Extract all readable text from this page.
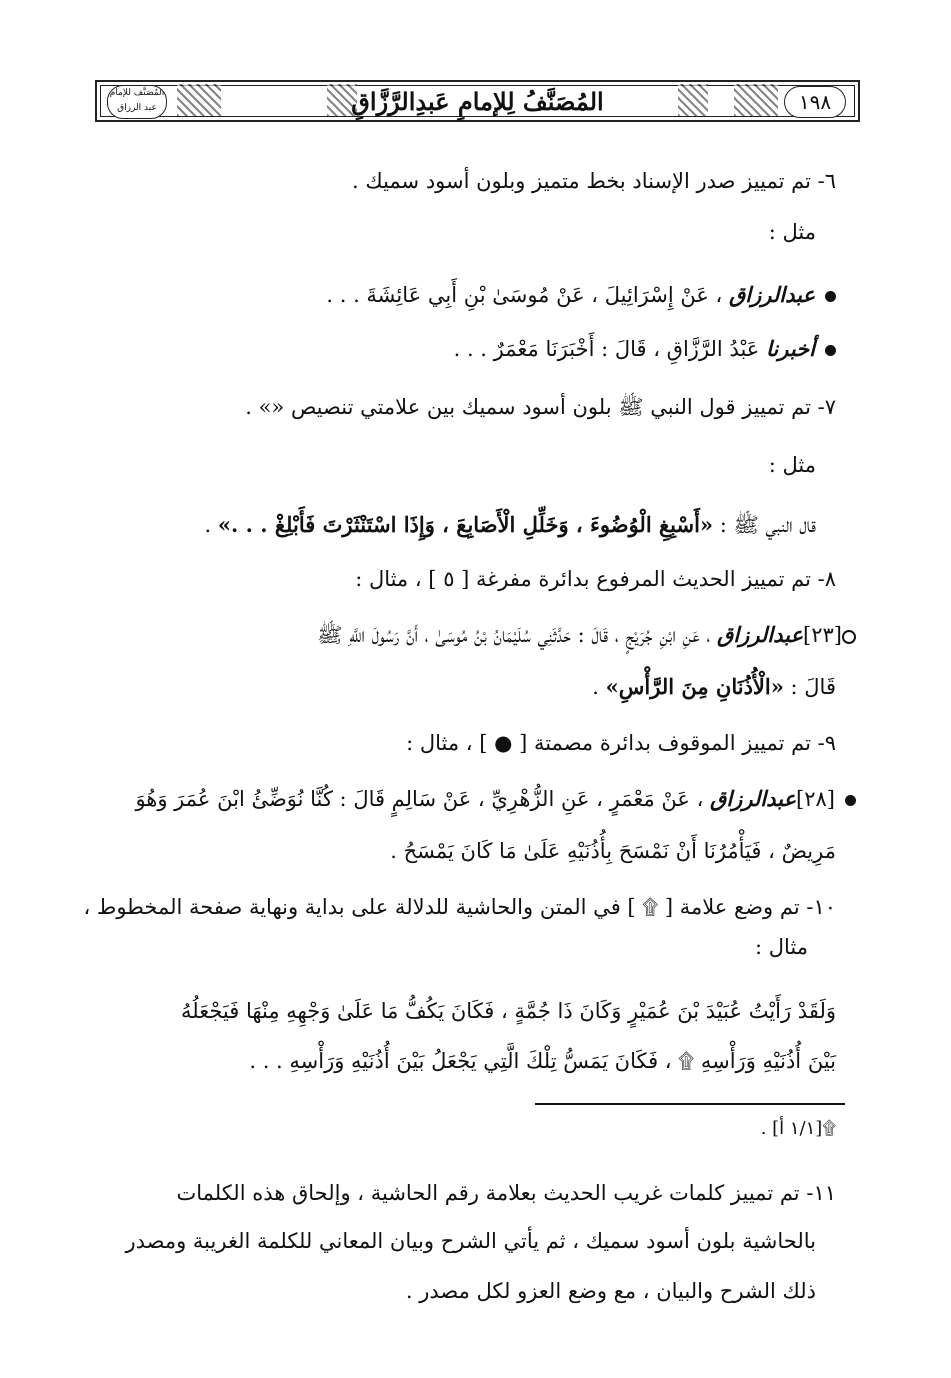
المُصَنَّفُ لِلإمامِ عَبدِالرَّزَّاقِ	١٩٨
المُصَنَّف للإمام عبد الرزاق
٦- تم تمييز صدر الإسناد بخط متميز وبلون أسود سميك .
مثل :
عبدالرزاق ، عَنْ إِسْرَائِيلَ ، عَنْ مُوسَىٰ بْنِ أَبِي عَائِشَةَ . . .
أخبرنا عَبْدُ الرَّزَّاقِ ، قَالَ : أَخْبَرَنَا مَعْمَرٌ . . .
٧- تم تمييز قول النبي ﷺ بلون أسود سميك بين علامتي تنصيص «» .
مثل :
قال النبي ﷺ : «أَسْبِغِ الْوُضُوءَ ، وَخَلِّلِ الْأَصَابِعَ ، وَإِذَا اسْتَنْثَرْتَ فَأَبْلِغْ . . .» .
٨- تم تمييز الحديث المرفوع بدائرة مفرغة [ ٥ ] ، مثال :
[٢٣]عبدالرزاق ، عَنِ ابْنِ جُرَيْجٍ ، قَالَ : حَدَّثَنِي سُلَيْمَانُ بْنُ مُوسَىٰ ، أَنَّ رَسُولَ اللَّهِ ﷺ
قَالَ : «الْأُذُنَانِ مِنَ الرَّأْسِ» .
٩- تم تمييز الموقوف بدائرة مصمتة [ ● ] ، مثال :
[٢٨]عبدالرزاق ، عَنْ مَعْمَرٍ ، عَنِ الزُّهْرِيِّ ، عَنْ سَالِمٍ قَالَ : كُنَّا نُوَضِّئُ ابْنَ عُمَرَ وَهُوَ
مَرِيضٌ ، فَيَأْمُرُنَا أَنْ نَمْسَحَ بِأُذُنَيْهِ عَلَىٰ مَا كَانَ يَمْسَحُ .
١٠- تم وضع علامة [ ۩ ] في المتن والحاشية للدلالة على بداية ونهاية صفحة المخطوط ،
مثال :
وَلَقَدْ رَأَيْتُ عُبَيْدَ بْنَ عُمَيْرٍ وَكَانَ ذَا جُمَّةٍ ، فَكَانَ يَكُفُّ مَا عَلَىٰ وَجْهِهِ مِنْهَا فَيَجْعَلُهُ
بَيْنَ أُذُنَيْهِ وَرَأْسِهِ ۩ ، فَكَانَ يَمَسُّ تِلْكَ الَّتِي يَجْعَلُ بَيْنَ أُذُنَيْهِ وَرَأْسِهِ . . .
۩[١/١ أ] .
١١- تم تمييز كلمات غريب الحديث بعلامة رقم الحاشية ، وإلحاق هذه الكلمات
بالحاشية بلون أسود سميك ، ثم يأتي الشرح وبيان المعاني للكلمة الغريبة ومصدر
ذلك الشرح والبيان ، مع وضع العزو لكل مصدر .
